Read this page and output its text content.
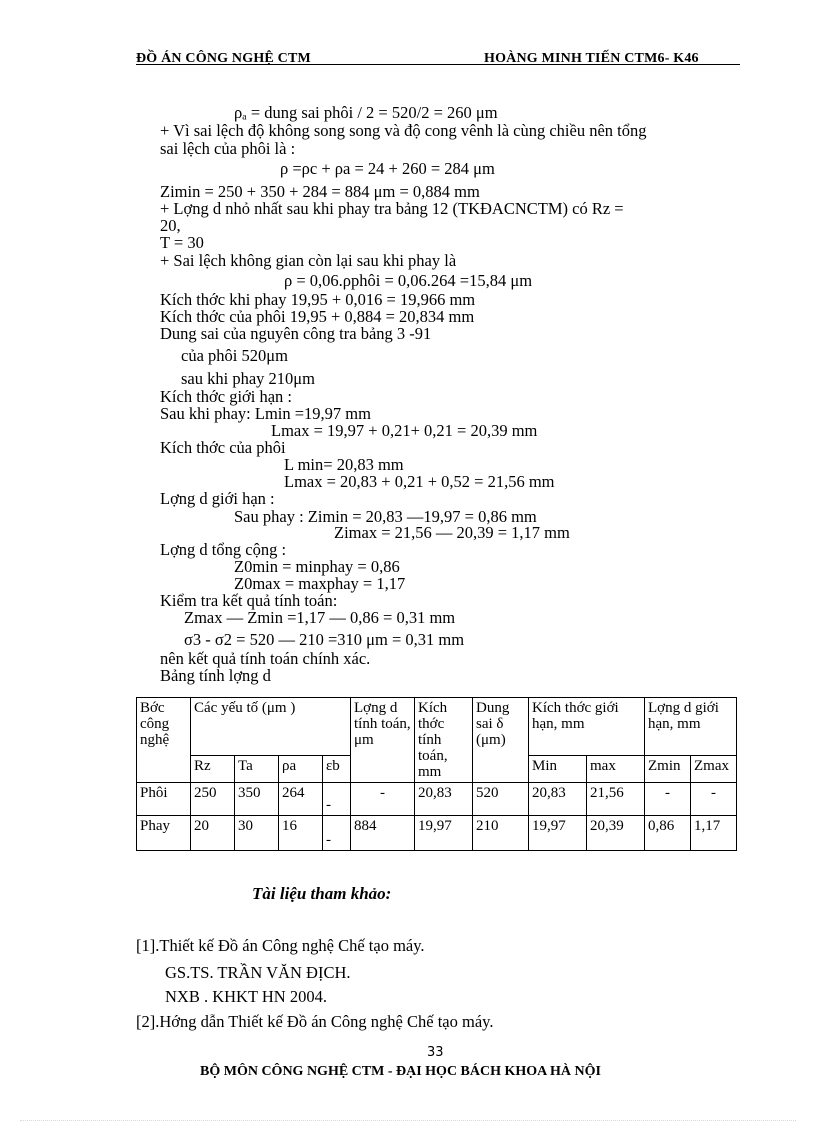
ĐỒ ÁN CÔNG NGHỆ CTM	HOÀNG MINH TIẾN CTM6- K46
ρₐ = dung sai phôi / 2 = 520/2 = 260 μm
+ Vì sai lệch độ không song song và độ cong vênh là cùng chiều nên tổng
sai lệch của phôi là :
ρ =ρc + ρa = 24 + 260 = 284 μm
Zimin = 250 + 350 + 284 = 884 μm = 0,884 mm
+ Lợng d nhỏ nhất sau khi phay tra bảng 12 (TKĐACNCTM) có Rz =
20,
T = 30
+ Sai lệch không gian còn lại sau khi phay là
ρ = 0,06.ρphôi = 0,06.264 =15,84 μm
Kích thớc khi phay 19,95 + 0,016 = 19,966 mm
Kích thớc của phôi 19,95 + 0,884 = 20,834 mm
Dung sai của nguyên công tra bảng 3 -91
của phôi 520μm
sau khi phay 210μm
Kích thớc giới hạn :
Sau khi phay: Lmin =19,97 mm
Lmax = 19,97 + 0,21+ 0,21 = 20,39 mm
Kích thớc của phôi
L min= 20,83 mm
Lmax = 20,83 + 0,21 + 0,52 = 21,56 mm
Lợng d giới hạn :
Sau phay : Zimin = 20,83 —19,97 = 0,86 mm
Zimax = 21,56 — 20,39 = 1,17 mm
Lợng d tổng cộng :
Z0min = minphay = 0,86
Z0max = maxphay = 1,17
Kiểm tra kết quả tính toán:
Zmax — Zmin =1,17 — 0,86 = 0,31 mm
σ3 - σ2 = 520 — 210 =310 μm = 0,31 mm
nên kết quả tính toán chính xác.
Bảng tính lợng d
Bớc công nghệ	Các yếu tố (μm )				Lợng d tính toán, μm	Kích thớc tính toán, mm	Dung sai δ (μm)	Kích thớc giới hạn, mm		Lợng d giới hạn, mm	
	Rz	Ta	ρa	εb				Min	max	Zmin	Zmax
Phôi	250	350	264	-	-	20,83	520	20,83	21,56	-	-
Phay	20	30	16	-	884	19,97	210	19,97	20,39	0,86	1,17
Tài liệu tham khảo:
[1].Thiết kế Đồ án Công nghệ Chế tạo máy.
GS.TS. TRẦN VĂN ĐỊCH.
NXB . KHKT HN 2004.
[2].Hớng dẫn Thiết kế Đồ án Công nghệ Chế tạo máy.
33
BỘ MÔN CÔNG NGHỆ CTM - ĐẠI HỌC BÁCH KHOA HÀ NỘI
